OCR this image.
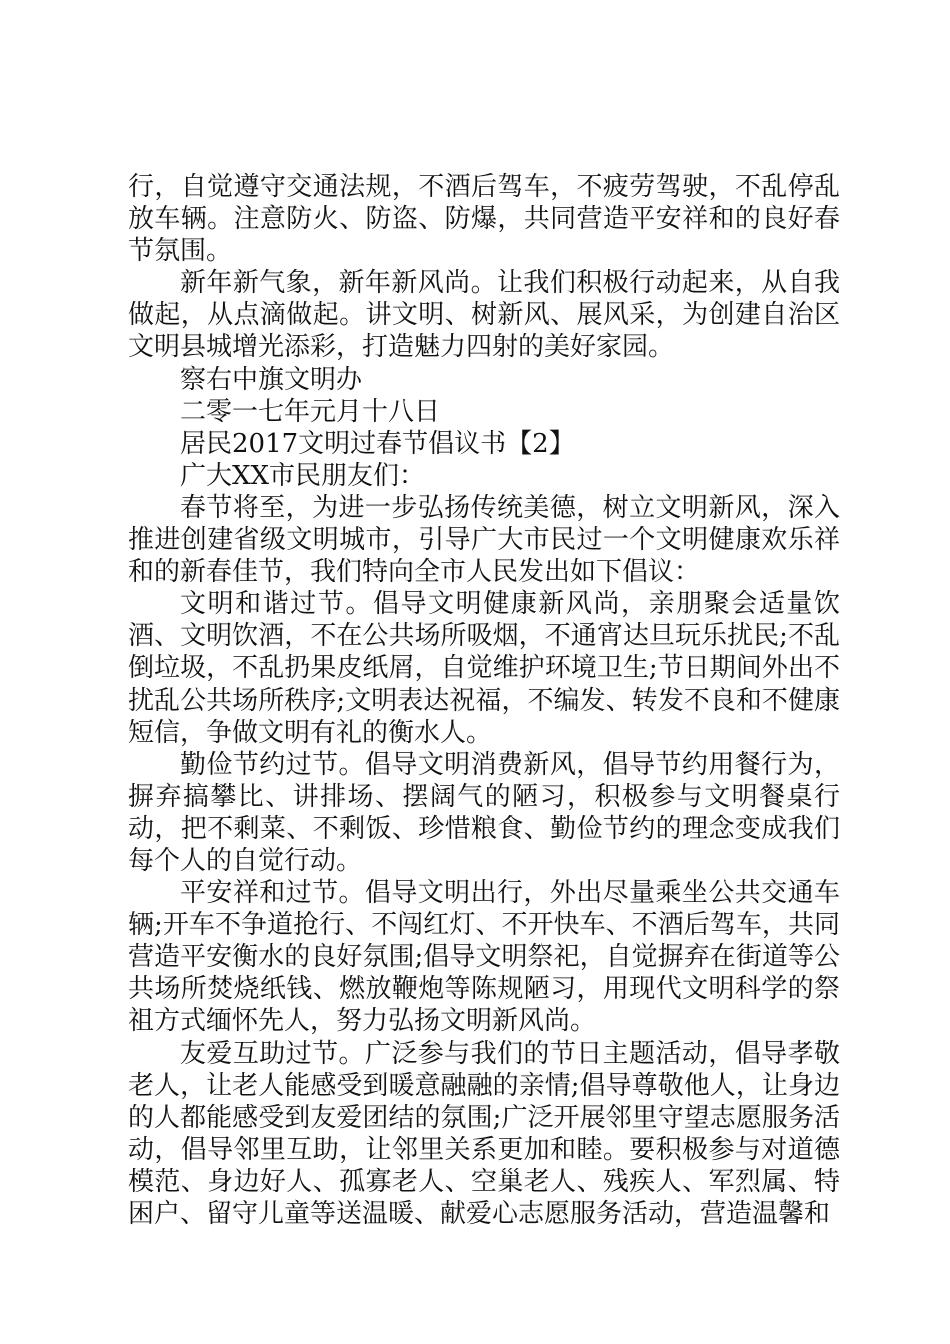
行，自觉遵守交通法规，不酒后驾车，不疲劳驾驶，不乱停乱放车辆。注意防火、防盗、防爆，共同营造平安祥和的良好春节氛围。

新年新气象，新年新风尚。让我们积极行动起来，从自我做起，从点滴做起。讲文明、树新风、展风采，为创建自治区文明县城增光添彩，打造魅力四射的美好家园。

察右中旗文明办

二零一七年元月十八日

居民2017文明过春节倡议书【2】

广大XX市民朋友们：

春节将至，为进一步弘扬传统美德，树立文明新风，深入推进创建省级文明城市，引导广大市民过一个文明健康欢乐祥和的新春佳节，我们特向全市人民发出如下倡议：

文明和谐过节。倡导文明健康新风尚，亲朋聚会适量饮酒、文明饮酒，不在公共场所吸烟，不通宵达旦玩乐扰民;不乱倒垃圾，不乱扔果皮纸屑，自觉维护环境卫生;节日期间外出不扰乱公共场所秩序;文明表达祝福，不编发、转发不良和不健康短信，争做文明有礼的衡水人。

勤俭节约过节。倡导文明消费新风，倡导节约用餐行为，摒弃搞攀比、讲排场、摆阔气的陋习，积极参与文明餐桌行动，把不剩菜、不剩饭、珍惜粮食、勤俭节约的理念变成我们每个人的自觉行动。

平安祥和过节。倡导文明出行，外出尽量乘坐公共交通车辆;开车不争道抢行、不闯红灯、不开快车、不酒后驾车，共同营造平安衡水的良好氛围;倡导文明祭祀，自觉摒弃在街道等公共场所焚烧纸钱、燃放鞭炮等陈规陋习，用现代文明科学的祭祖方式缅怀先人，努力弘扬文明新风尚。

友爱互助过节。广泛参与我们的节日主题活动，倡导孝敬老人，让老人能感受到暖意融融的亲情;倡导尊敬他人，让身边的人都能感受到友爱团结的氛围;广泛开展邻里守望志愿服务活动，倡导邻里互助，让邻里关系更加和睦。要积极参与对道德模范、身边好人、孤寡老人、空巢老人、残疾人、军烈属、特困户、留守儿童等送温暖、献爱心志愿服务活动，营造温馨和
